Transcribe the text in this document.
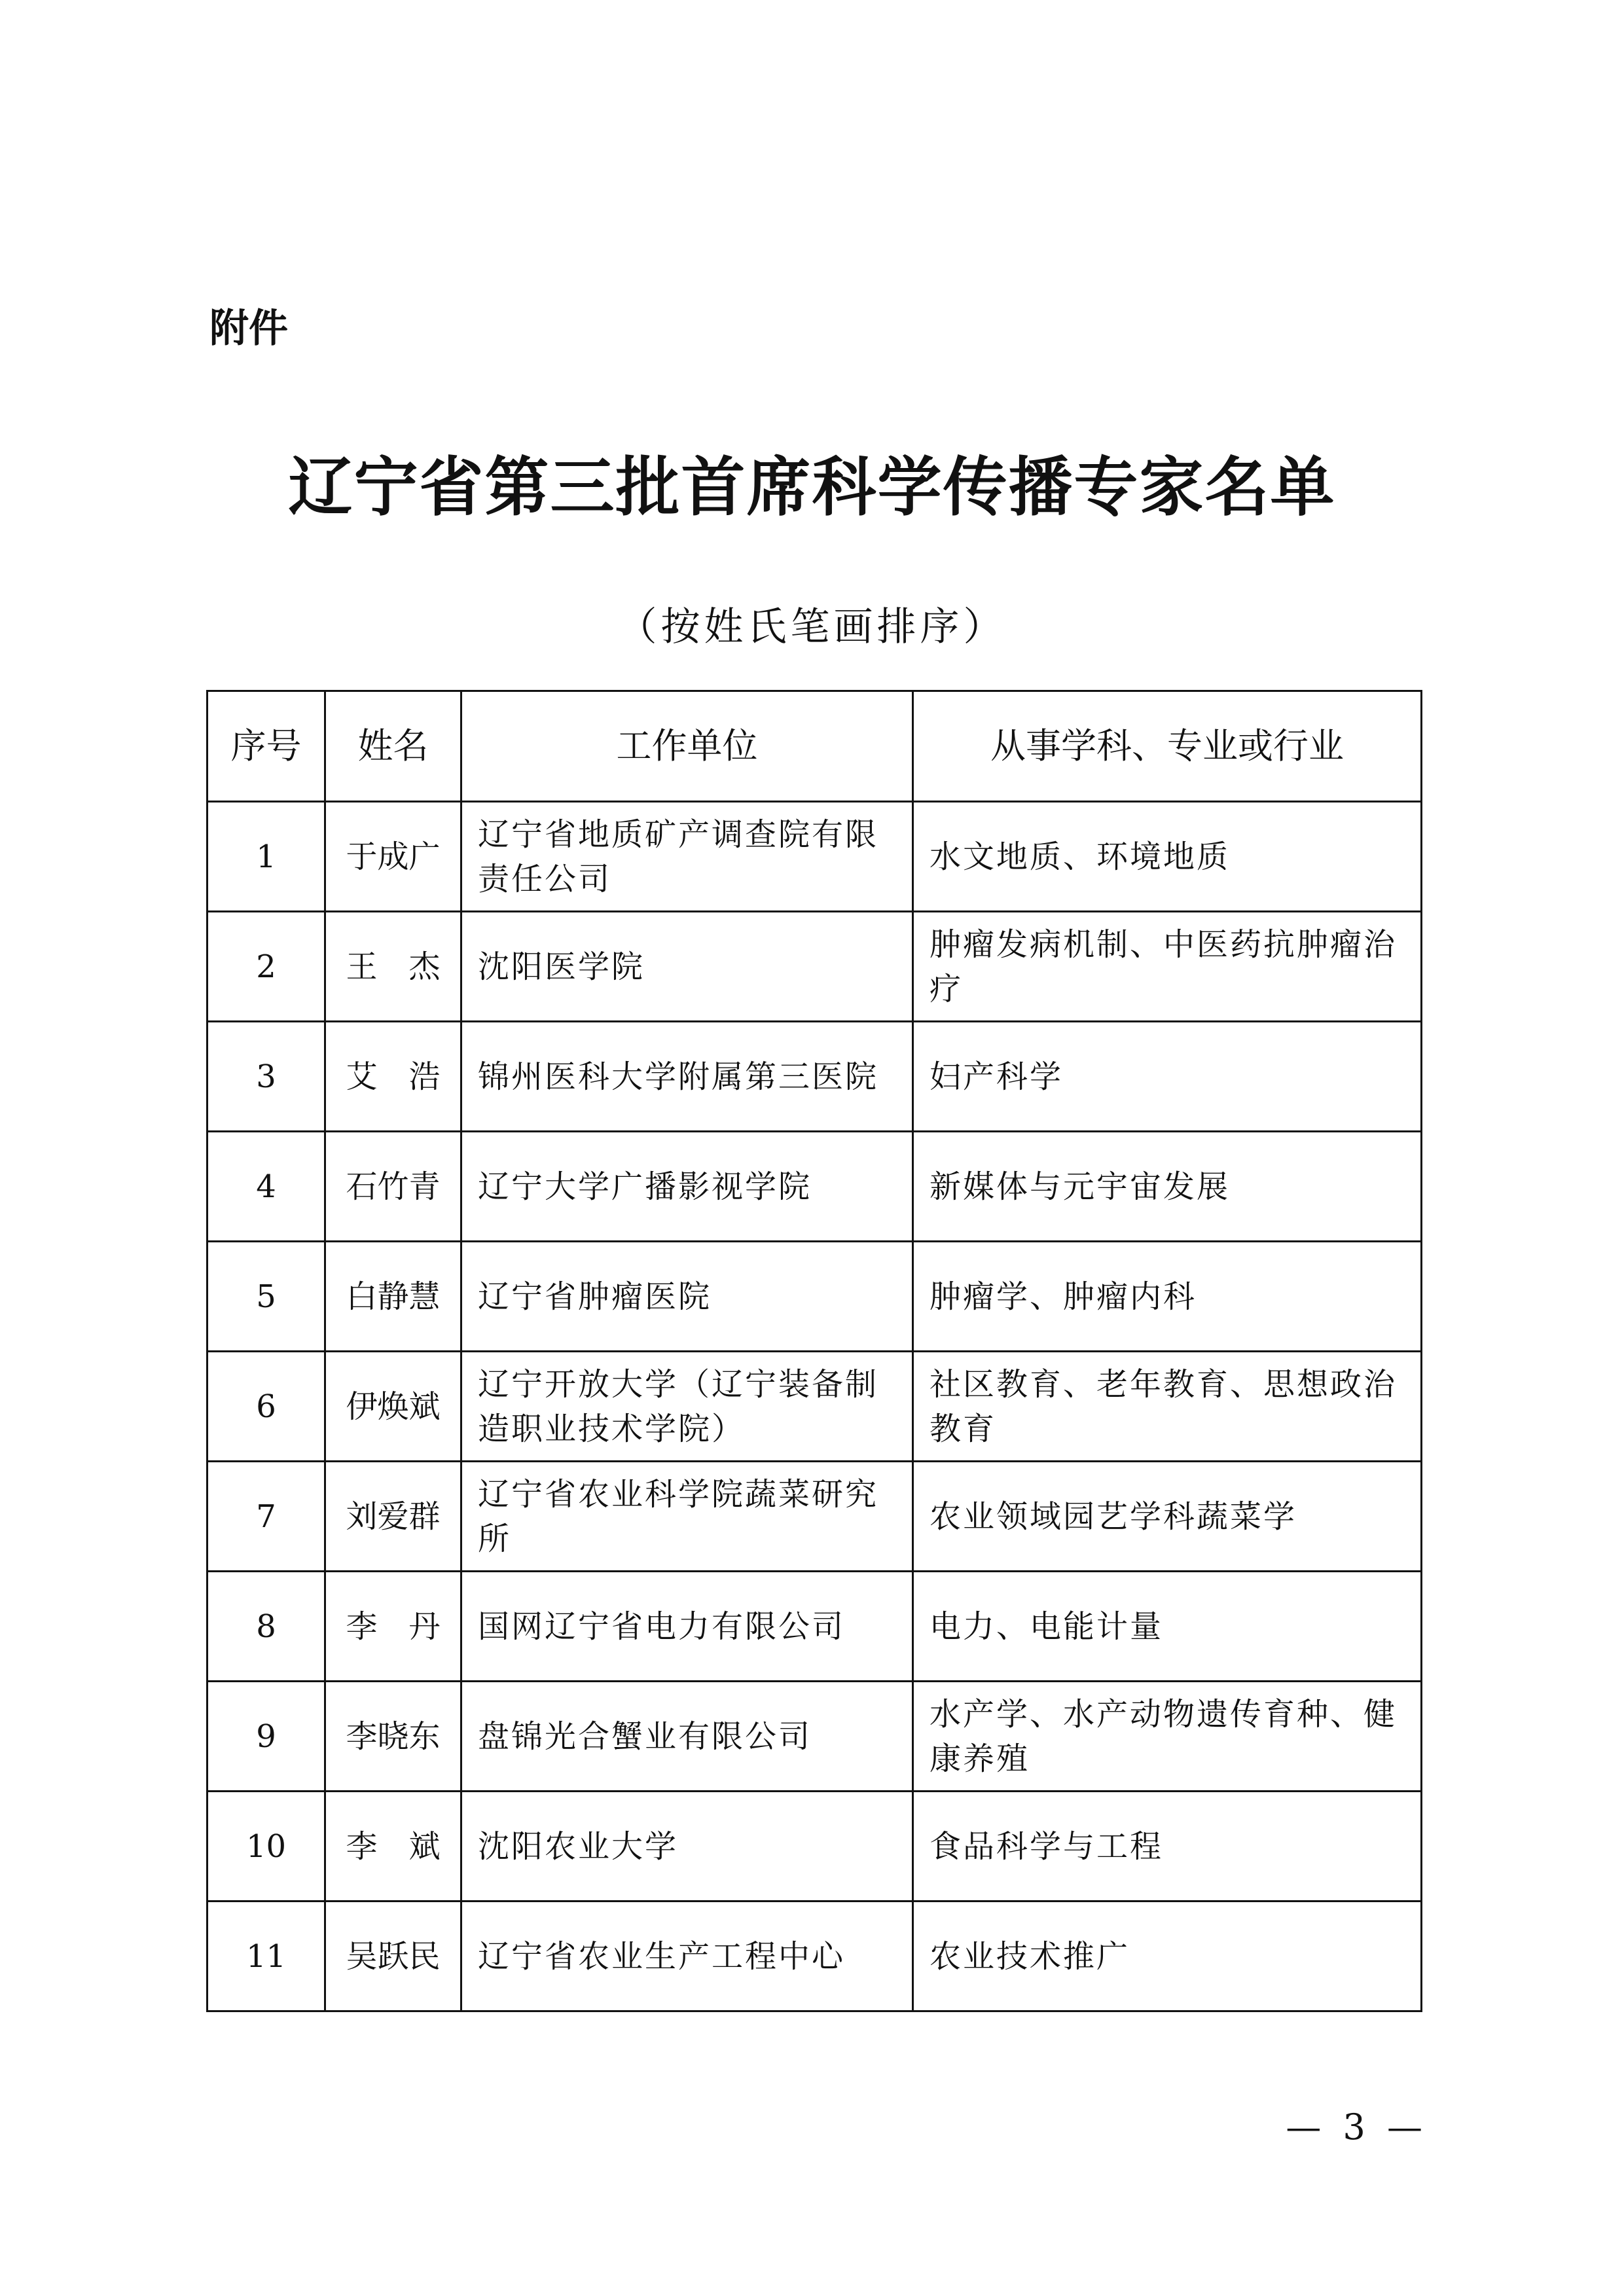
附件
辽宁省第三批首席科学传播专家名单
（按姓氏笔画排序）
序号	姓名	工作单位	从事学科、专业或行业
1	于成广	辽宁省地质矿产调查院有限责任公司	水文地质、环境地质
2	王　杰	沈阳医学院	肿瘤发病机制、中医药抗肿瘤治疗
3	艾　浩	锦州医科大学附属第三医院	妇产科学
4	石竹青	辽宁大学广播影视学院	新媒体与元宇宙发展
5	白静慧	辽宁省肿瘤医院	肿瘤学、肿瘤内科
6	伊焕斌	辽宁开放大学（辽宁装备制造职业技术学院）	社区教育、老年教育、思想政治教育
7	刘爱群	辽宁省农业科学院蔬菜研究所	农业领域园艺学科蔬菜学
8	李　丹	国网辽宁省电力有限公司	电力、电能计量
9	李晓东	盘锦光合蟹业有限公司	水产学、水产动物遗传育种、健康养殖
10	李　斌	沈阳农业大学	食品科学与工程
11	吴跃民	辽宁省农业生产工程中心	农业技术推广
— 3 —
